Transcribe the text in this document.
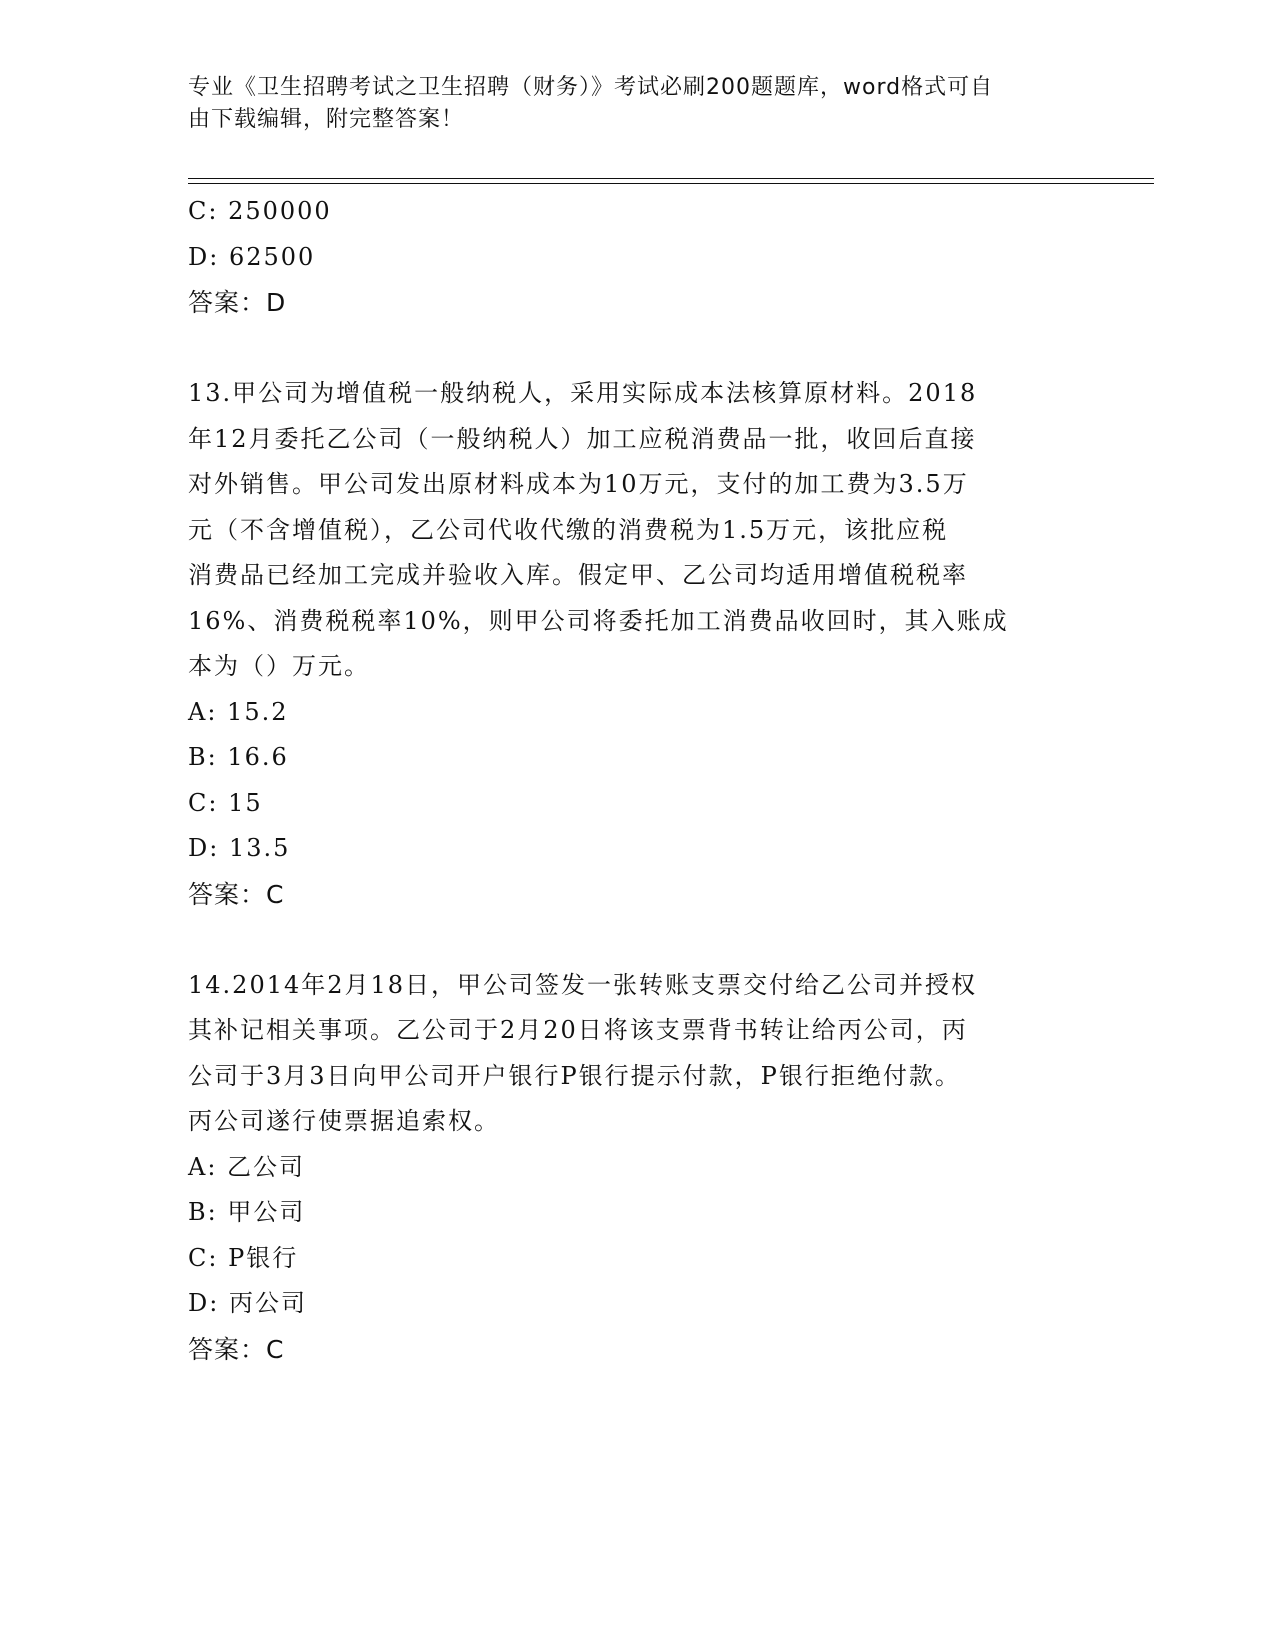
专业《卫生招聘考试之卫生招聘（财务）》考试必刷200题题库，word格式可自
由下载编辑，附完整答案！
C: 250000
D: 62500
答案：D
13.甲公司为增值税一般纳税人，采用实际成本法核算原材料。2018
年12月委托乙公司（一般纳税人）加工应税消费品一批，收回后直接
对外销售。甲公司发出原材料成本为10万元，支付的加工费为3.5万
元（不含增值税），乙公司代收代缴的消费税为1.5万元，该批应税
消费品已经加工完成并验收入库。假定甲、乙公司均适用增值税税率
16%、消费税税率10%，则甲公司将委托加工消费品收回时，其入账成
本为（）万元。
A: 15.2
B: 16.6
C: 15
D: 13.5
答案：C
14.2014年2月18日，甲公司签发一张转账支票交付给乙公司并授权
其补记相关事项。乙公司于2月20日将该支票背书转让给丙公司，丙
公司于3月3日向甲公司开户银行P银行提示付款，P银行拒绝付款。
丙公司遂行使票据追索权。
A: 乙公司
B: 甲公司
C: P银行
D: 丙公司
答案：C
